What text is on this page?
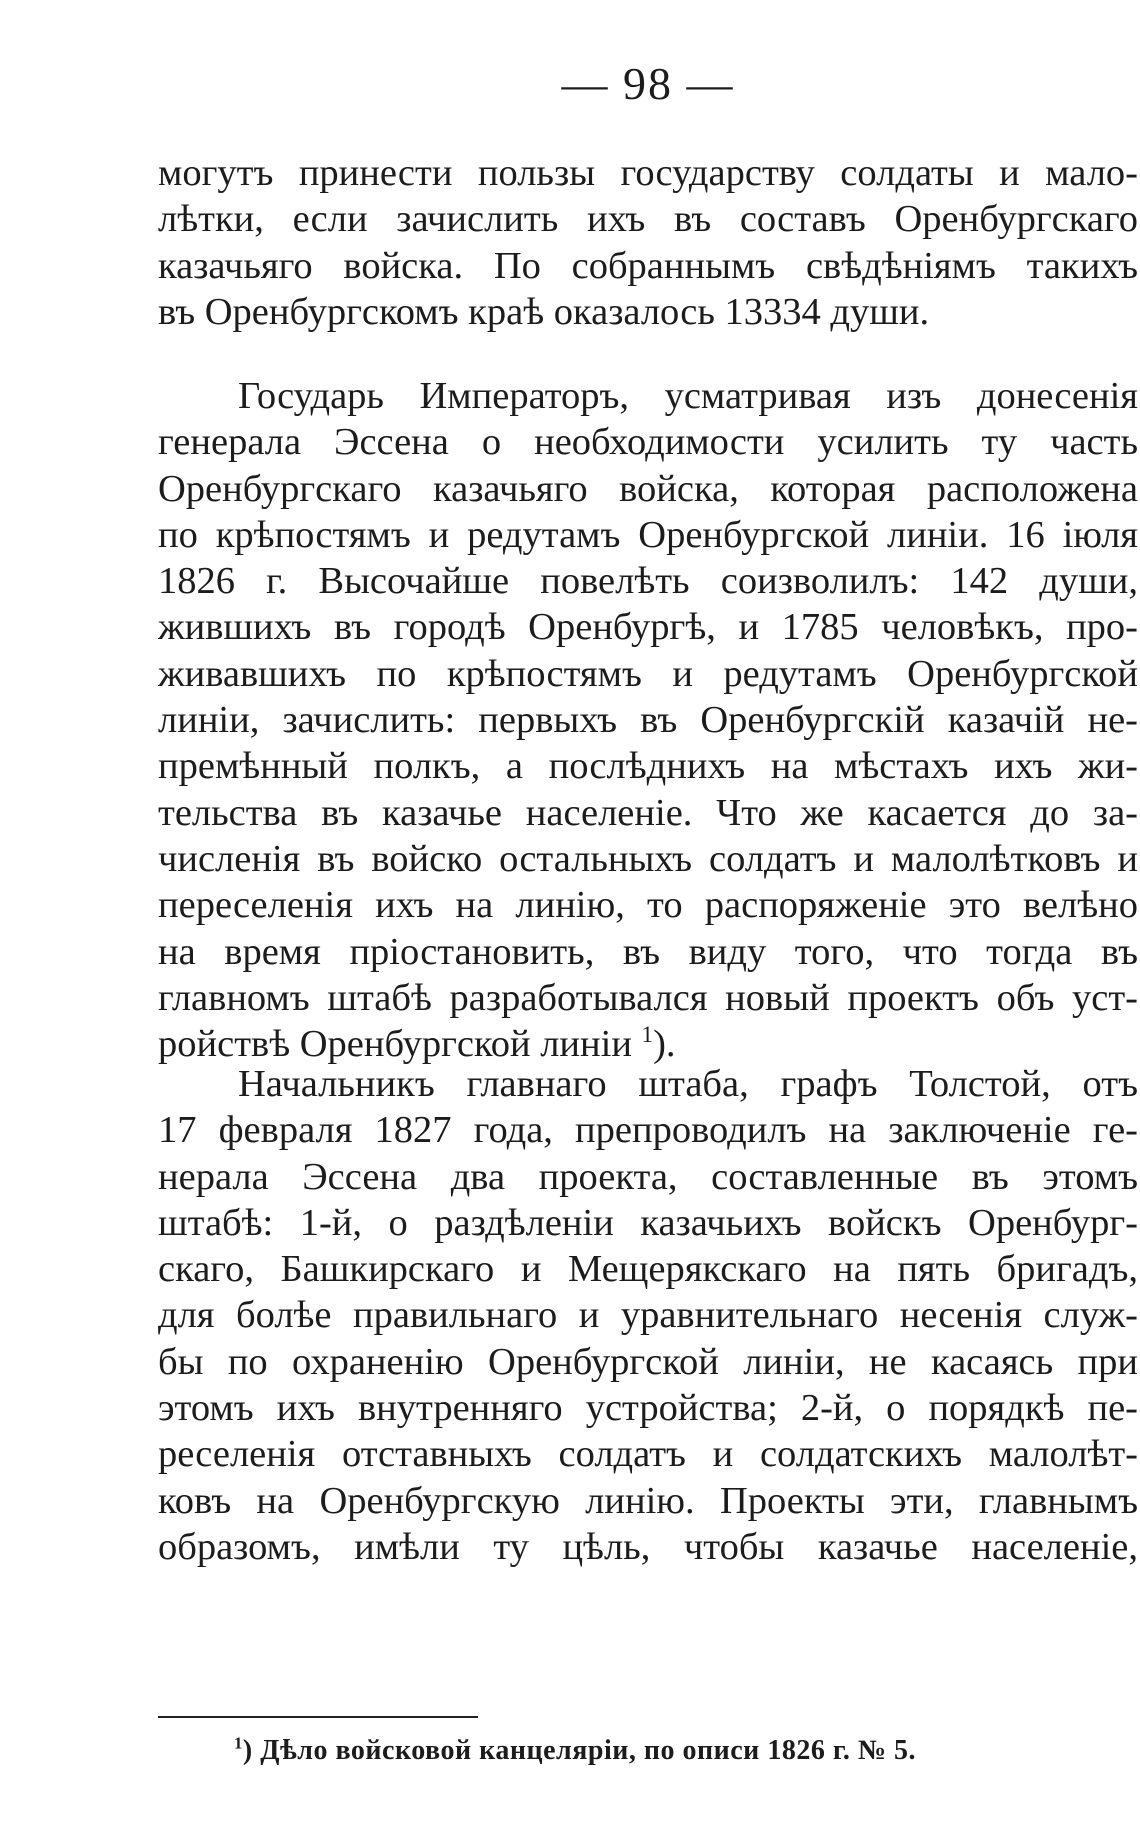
— 98 —
могутъ принести пользы государству солдаты и мало-
лѣтки, если зачислить ихъ въ составъ Оренбургскаго
казачьяго войска. По собраннымъ свѣдѣніямъ такихъ
въ Оренбургскомъ краѣ оказалось 13334 души.
Государь Императоръ, усматривая изъ донесенія
генерала Эссена о необходимости усилить ту часть
Оренбургскаго казачьяго войска, которая расположена
по крѣпостямъ и редутамъ Оренбургской линіи. 16 іюля
1826 г. Высочайше повелѣть соизволилъ: 142 души,
жившихъ въ городѣ Оренбургѣ, и 1785 человѣкъ, про-
живавшихъ по крѣпостямъ и редутамъ Оренбургской
линіи, зачислить: первыхъ въ Оренбургскій казачій не-
премѣнный полкъ, а послѣднихъ на мѣстахъ ихъ жи-
тельства въ казачье населеніе. Что же касается до за-
численія въ войско остальныхъ солдатъ и малолѣтковъ и
переселенія ихъ на линію, то распоряженіе это велѣно
на время пріостановить, въ виду того, что тогда въ
главномъ штабѣ разработывался новый проектъ объ уст-
ройствѣ Оренбургской линіи $^1$).
Начальникъ главнаго штаба, графъ Толстой, отъ
17 февраля 1827 года, препроводилъ на заключеніе ге-
нерала Эссена два проекта, составленные въ этомъ
штабѣ: 1-й, о раздѣленіи казачьихъ войскъ Оренбург-
скаго, Башкирскаго и Мещерякскаго на пять бригадъ,
для болѣе правильнаго и уравнительнаго несенія служ-
бы по охраненію Оренбургской линіи, не касаясь при
этомъ ихъ внутренняго устройства; 2-й, о порядкѣ пе-
реселенія отставныхъ солдатъ и солдатскихъ малолѣт-
ковъ на Оренбургскую линію. Проекты эти, главнымъ
образомъ, имѣли ту цѣль, чтобы казачье населеніе,
$^1$) Дѣло войсковой канцеляріи, по описи 1826 г. № 5.
